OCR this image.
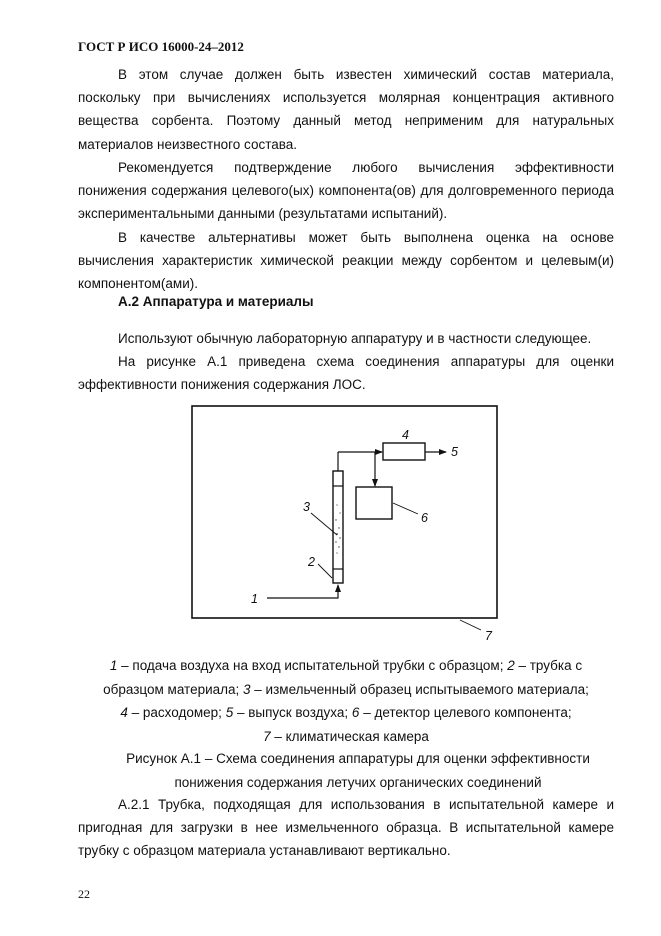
ГОСТ Р ИСО 16000-24–2012
В этом случае должен быть известен химический состав материала, поскольку при вычислениях используется молярная концентрация активного вещества сорбента. Поэтому данный метод неприменим для натуральных материалов неизвестного состава.
Рекомендуется подтверждение любого вычисления эффективности понижения содержания целевого(ых) компонента(ов) для долговременного периода экспериментальными данными (результатами испытаний).
В качестве альтернативы может быть выполнена оценка на основе вычисления характеристик химической реакции между сорбентом и целевым(и) компонентом(ами).
А.2 Аппаратура и материалы
Используют обычную лабораторную аппаратуру и в частности следующее.
На рисунке А.1 приведена схема соединения аппаратуры для оценки эффективности понижения содержания ЛОС.
1
2
3
4
5
6
7
1 – подача воздуха на вход испытательной трубки с образцом; 2 – трубка с образцом материала; 3 – измельченный образец испытываемого материала;
4 – расходомер; 5 – выпуск воздуха; 6 – детектор целевого компонента;
7 – климатическая камера
Рисунок А.1 – Схема соединения аппаратуры для оценки эффективности понижения содержания летучих органических соединений
А.2.1 Трубка, подходящая для использования в испытательной камере и пригодная для загрузки в нее измельченного образца. В испытательной камере трубку с образцом материала устанавливают вертикально.
22
